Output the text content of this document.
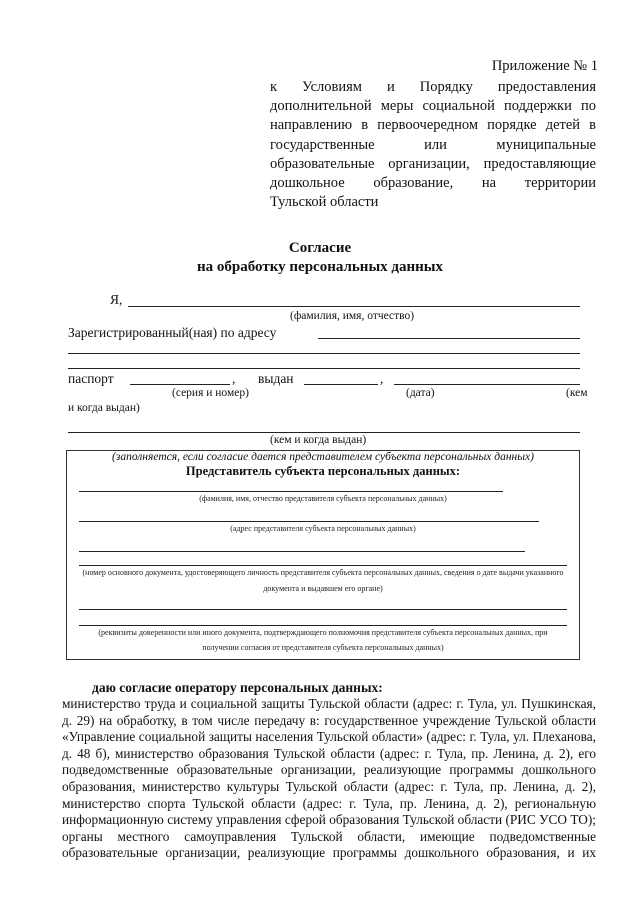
Приложение № 1
к Условиям и Порядку предоставления
дополнительной меры социальной поддержки по
направлению в первоочередном порядке детей в
государственные или муниципальные
образовательные организации, предоставляющие
дошкольное образование, на территории
Тульской области
Согласие
на обработку персональных данных
Я,
(фамилия, имя, отчество)
Зарегистрированный(ная) по адресу
паспорт	, выдан	,
(серия и номер)	(дата)	(кем
и когда выдан)
(кем и когда выдан)
(заполняется, если согласие дается представителем субъекта персональных данных)
Представитель субъекта персональных данных:
(фамилия, имя, отчество представителя субъекта персональных данных)
(адрес представителя субъекта персональных данных)
(номер основного документа, удостоверяющего личность представителя субъекта персональных данных, сведения о дате выдачи указанного
документа и выдавшем его органе)
(реквизиты доверенности или иного документа, подтверждающего полномочия представителя субъекта персональных данных, при
получении согласия от представителя субъекта персональных данных)
даю согласие оператору персональных данных:
министерство труда и социальной защиты Тульской области (адрес: г. Тула, ул. Пушкинская,
д. 29) на обработку, в том числе передачу в: государственное учреждение Тульской области
«Управление социальной защиты населения Тульской области» (адрес: г. Тула, ул. Плеханова,
д. 48 б), министерство образования Тульской области (адрес: г. Тула, пр. Ленина, д. 2), его
подведомственные образовательные организации, реализующие программы дошкольного
образования, министерство культуры Тульской области (адрес: г. Тула, пр. Ленина, д. 2),
министерство спорта Тульской области (адрес: г. Тула, пр. Ленина, д. 2), региональную
информационную систему управления сферой образования Тульской области (РИС УСО ТО);
органы местного самоуправления Тульской области, имеющие подведомственные
образовательные организации, реализующие программы дошкольного образования, и их
